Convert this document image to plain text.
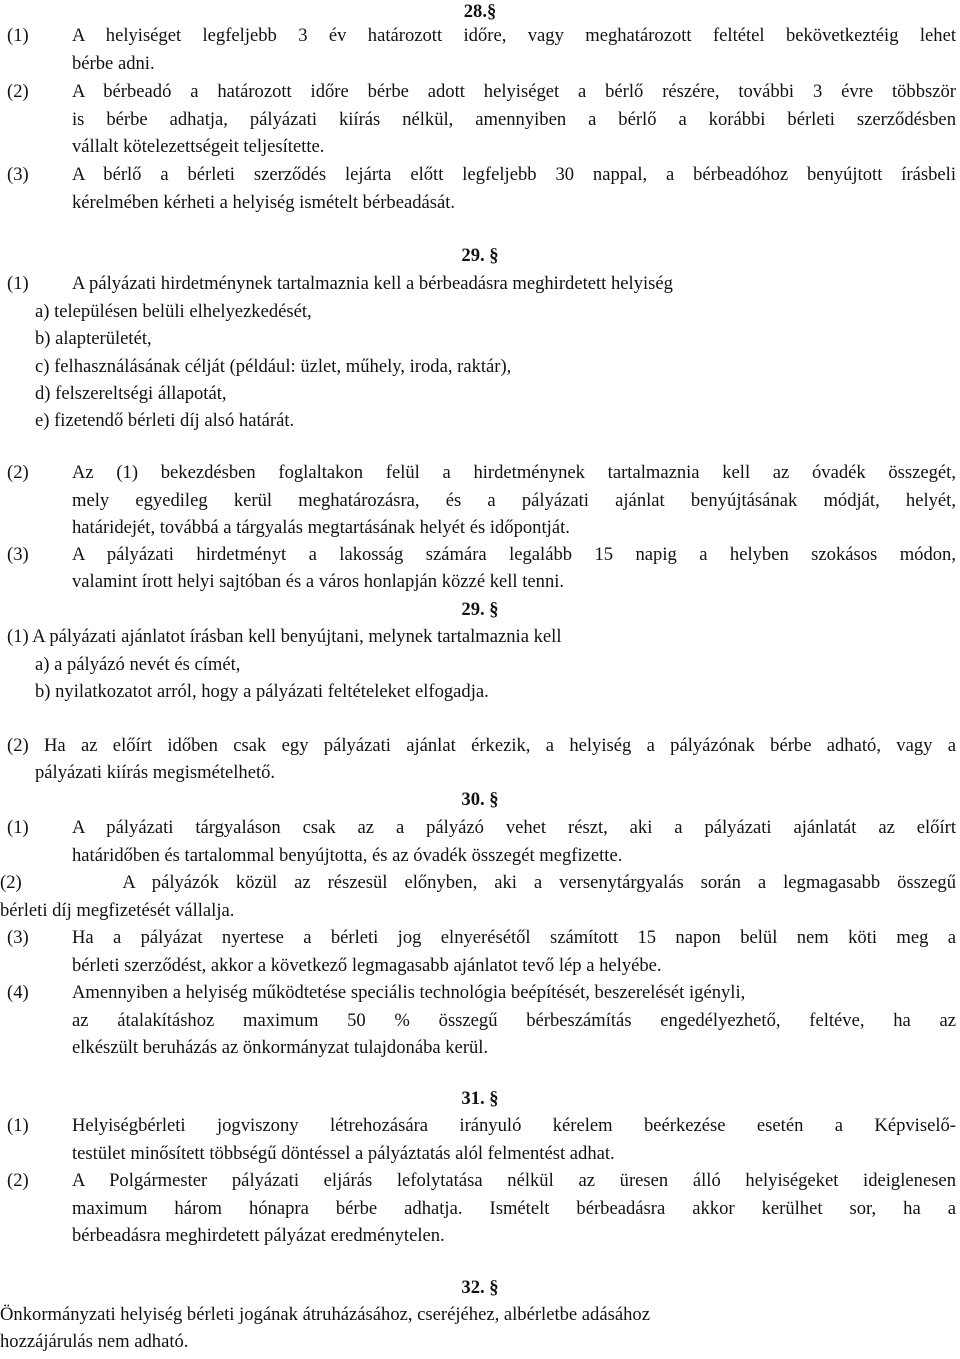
28.§

(1) A helyiséget legfeljebb 3 év határozott időre, vagy meghatározott feltétel bekövetkeztéig lehet

bérbe adni.

(2) A bérbeadó a határozott időre bérbe adott helyiséget a bérlő részére, további 3 évre többször

is bérbe adhatja, pályázati kiírás nélkül, amennyiben a bérlő a korábbi bérleti szerződésben

vállalt kötelezettségeit teljesítette.

(3) A bérlő a bérleti szerződés lejárta előtt legfeljebb 30 nappal, a bérbeadóhoz benyújtott írásbeli

kérelmében kérheti a helyiség ismételt bérbeadását.

29. §

(1) A pályázati hirdetménynek tartalmaznia kell a bérbeadásra meghirdetett helyiség

a) településen belüli elhelyezkedését,

b) alapterületét,

c) felhasználásának célját (például: üzlet, műhely, iroda, raktár),

d) felszereltségi állapotát,

e) fizetendő bérleti díj alsó határát.

(2) Az (1) bekezdésben foglaltakon felül a hirdetménynek tartalmaznia kell az óvadék összegét,

mely egyedileg kerül meghatározásra, és a pályázati ajánlat benyújtásának módját, helyét,

határidejét, továbbá a tárgyalás megtartásának helyét és időpontját.

(3) A pályázati hirdetményt a lakosság számára legalább 15 napig a helyben szokásos módon,

valamint írott helyi sajtóban és a város honlapján közzé kell tenni.

29. §

(1) A pályázati ajánlatot írásban kell benyújtani, melynek tartalmaznia kell

a) a pályázó nevét és címét,

b) nyilatkozatot arról, hogy a pályázati feltételeket elfogadja.

(2) Ha az előírt időben csak egy pályázati ajánlat érkezik, a helyiség a pályázónak bérbe adható, vagy a

pályázati kiírás megismételhető.

30. §

(1) A pályázati tárgyaláson csak az a pályázó vehet részt, aki a pályázati ajánlatát az előírt

határidőben és tartalommal benyújtotta, és az óvadék összegét megfizette.

(2)      A pályázók közül az részesül előnyben, aki a versenytárgyalás során a legmagasabb összegű

bérleti díj megfizetését vállalja.

(3) Ha a pályázat nyertese a bérleti jog elnyerésétől számított 15 napon belül nem köti meg a

bérleti szerződést, akkor a következő legmagasabb ajánlatot tevő lép a helyébe.

(4) Amennyiben a helyiség működtetése speciális technológia beépítését, beszerelését igényli,

az átalakításhoz maximum 50 % összegű bérbeszámítás engedélyezhető, feltéve, ha az

elkészült beruházás az önkormányzat tulajdonába kerül.

31. §

(1) Helyiségbérleti jogviszony létrehozására irányuló kérelem beérkezése esetén a Képviselő-

testület minősített többségű döntéssel a pályáztatás alól felmentést adhat.

(2) A Polgármester pályázati eljárás lefolytatása nélkül az üresen álló helyiségeket ideiglenesen

maximum három hónapra bérbe adhatja. Ismételt bérbeadásra akkor kerülhet sor, ha a

bérbeadásra meghirdetett pályázat eredménytelen.

32. §

Önkormányzati helyiség bérleti jogának átruházásához, cseréjéhez, albérletbe adásához

hozzájárulás nem adható.
